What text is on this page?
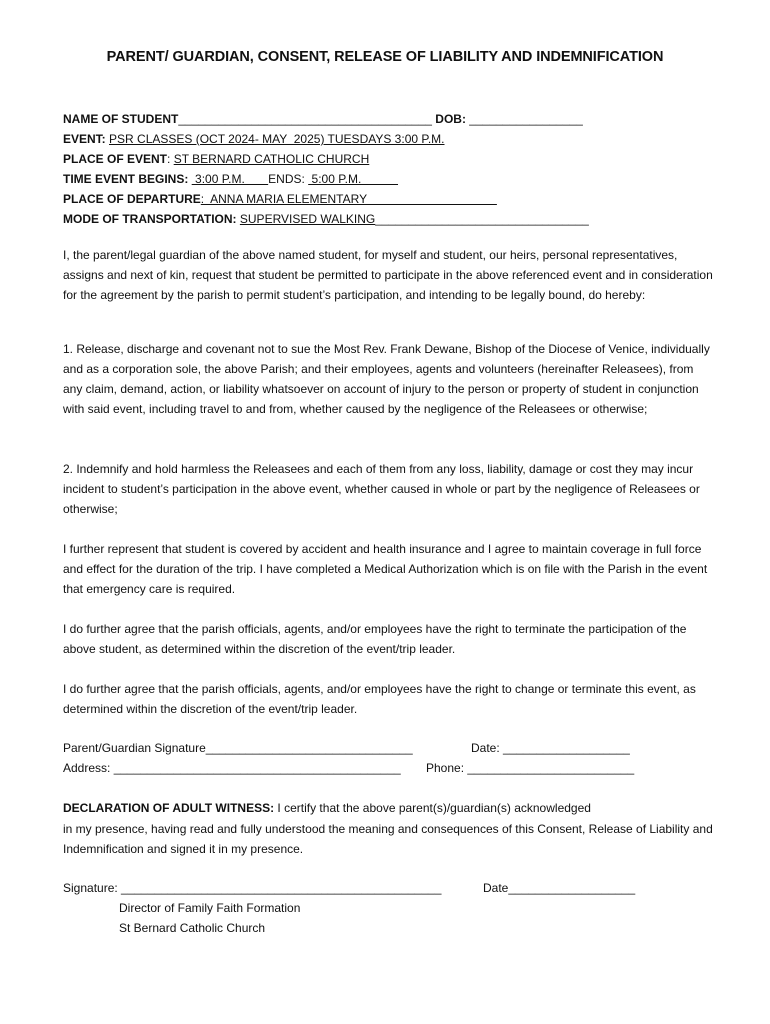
PARENT/ GUARDIAN, CONSENT, RELEASE OF LIABILITY AND INDEMNIFICATION
NAME OF STUDENT______________________________________ DOB: _________________
EVENT: PSR CLASSES (OCT 2024- MAY  2025) TUESDAYS 3:00 P.M.
PLACE OF EVENT: ST BERNARD CATHOLIC CHURCH
TIME EVENT BEGINS:  3:00 P.M.       ENDS:  5:00 P.M.
PLACE OF DEPARTURE:  ANNA MARIA ELEMENTARY
MODE OF TRANSPORTATION: SUPERVISED WALKING________________________________
I, the parent/legal guardian of the above named student, for myself and student, our heirs, personal representatives, assigns and next of kin, request that student be permitted to participate in the above referenced event and in consideration for the agreement by the parish to permit student’s participation, and intending to be legally bound, do hereby:
1. Release, discharge and covenant not to sue the Most Rev. Frank Dewane, Bishop of the Diocese of Venice, individually and as a corporation sole, the above Parish; and their employees, agents and volunteers (hereinafter Releasees), from any claim, demand, action, or liability whatsoever on account of injury to the person or property of student in conjunction with said event, including travel to and from, whether caused by the negligence of the Releasees or otherwise;
2. Indemnify and hold harmless the Releasees and each of them from any loss, liability, damage or cost they may incur incident to student’s participation in the above event, whether caused in whole or part by the negligence of Releasees or otherwise;
I further represent that student is covered by accident and health insurance and I agree to maintain coverage in full force and effect for the duration of the trip. I have completed a Medical Authorization which is on file with the Parish in the event that emergency care is required.
I do further agree that the parish officials, agents, and/or employees have the right to terminate the participation of the above student, as determined within the discretion of the event/trip leader.
I do further agree that the parish officials, agents, and/or employees have the right to change or terminate this event, as determined within the discretion of the event/trip leader.
Parent/Guardian Signature_______________________________	Date: ___________________
Address: ___________________________________________ Phone: _________________________
DECLARATION OF ADULT WITNESS: I certify that the above parent(s)/guardian(s) acknowledged
in my presence, having read and fully understood the meaning and consequences of this Consent, Release of Liability and Indemnification and signed it in my presence.
Signature: ________________________________________________	Date___________________
Director of Family Faith Formation
St Bernard Catholic Church
